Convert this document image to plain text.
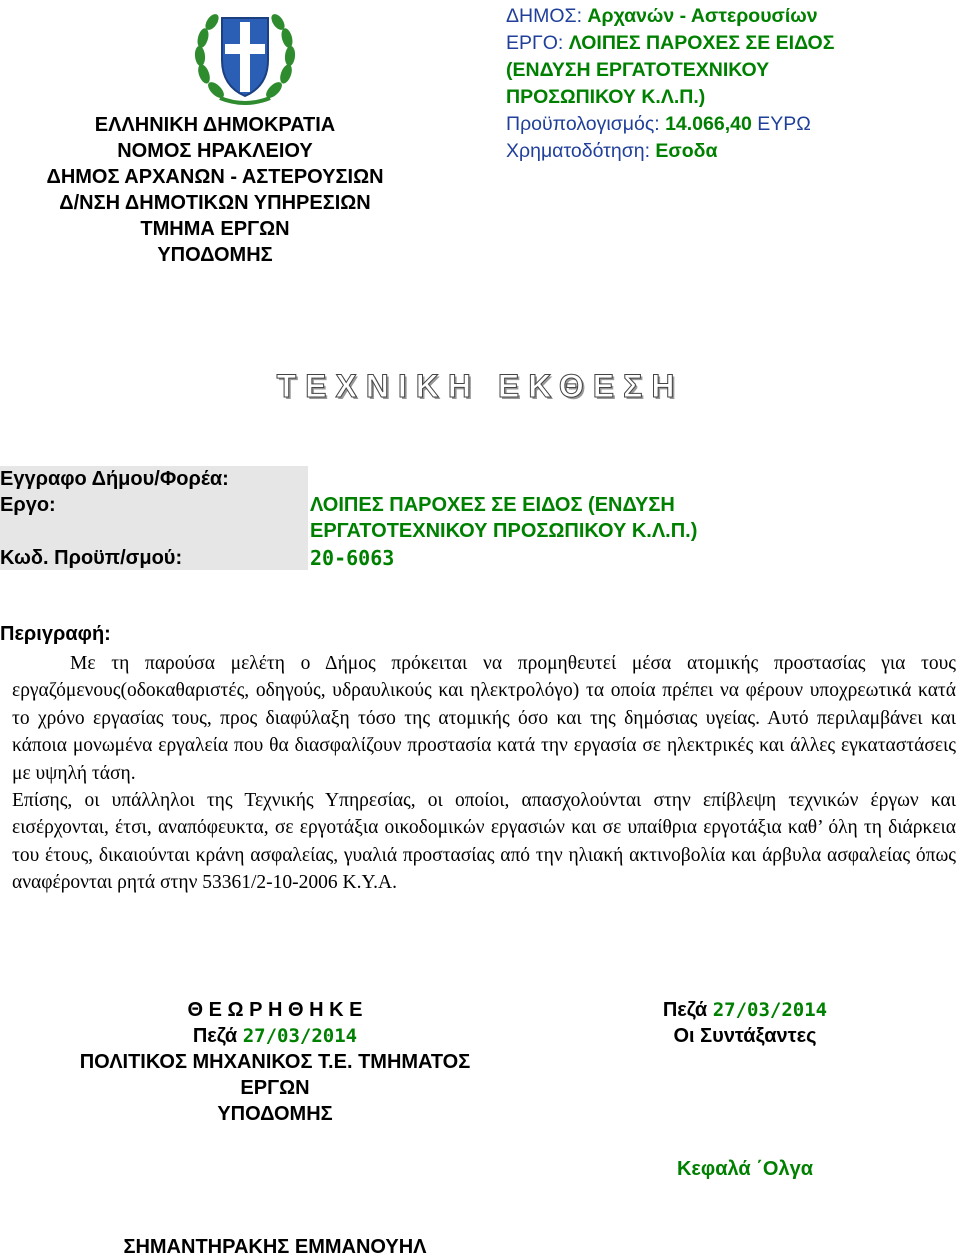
ΕΛΛΗΝΙΚΗ ΔΗΜΟΚΡΑΤΙΑ
ΝΟΜΟΣ ΗΡΑΚΛΕΙΟΥ
ΔΗΜΟΣ ΑΡΧΑΝΩΝ - ΑΣΤΕΡΟΥΣΙΩΝ
Δ/ΝΣΗ ΔΗΜΟΤΙΚΩΝ ΥΠΗΡΕΣΙΩΝ
ΤΜΗΜΑ ΕΡΓΩΝ
ΥΠΟΔΟΜΗΣ
ΔΗΜΟΣ: Αρχανών - Αστερουσίων
ΕΡΓΟ: ΛΟΙΠΕΣ ΠΑΡΟΧΕΣ ΣΕ ΕΙΔΟΣ
(ΕΝΔΥΣΗ ΕΡΓΑΤΟΤΕΧΝΙΚΟΥ
ΠΡΟΣΩΠΙΚΟΥ Κ.Λ.Π.)
Προϋπολογισμός: 14.066,40 ΕΥΡΩ
Χρηματοδότηση: Εσοδα
ΤΕΧΝΙΚΗ ΕΚΘΕΣΗ
Εγγραφο Δήμου/Φορέα:
Εργο:	ΛΟΙΠΕΣ ΠΑΡΟΧΕΣ ΣΕ ΕΙΔΟΣ (ΕΝΔΥΣΗ ΕΡΓΑΤΟΤΕΧΝΙΚΟΥ ΠΡΟΣΩΠΙΚΟΥ Κ.Λ.Π.)
Κωδ. Προϋπ/σμού:	20-6063
Περιγραφή:

Με τη παρούσα μελέτη ο Δήμος πρόκειται να προμηθευτεί μέσα ατομικής προστασίας για τους εργαζόμενους(οδοκαθαριστές, οδηγούς, υδραυλικούς και ηλεκτρολόγο) τα οποία πρέπει να φέρουν υποχρεωτικά κατά το χρόνο εργασίας τους, προς διαφύλαξη τόσο της ατομικής όσο και της δημόσιας υγείας. Αυτό περιλαμβάνει και κάποια μονωμένα εργαλεία που θα διασφαλίζουν προστασία κατά την εργασία σε ηλεκτρικές και άλλες εγκαταστάσεις με υψηλή τάση.

Επίσης, οι υπάλληλοι της Τεχνικής Υπηρεσίας, οι οποίοι, απασχολούνται στην επίβλεψη τεχνικών έργων και εισέρχονται, έτσι, αναπόφευκτα, σε εργοτάξια οικοδομικών εργασιών και σε υπαίθρια εργοτάξια καθ’ όλη τη διάρκεια του έτους, δικαιούνται κράνη ασφαλείας, γυαλιά προστασίας από την ηλιακή ακτινοβολία και άρβυλα ασφαλείας όπως αναφέρονται ρητά στην 53361/2-10-2006 Κ.Υ.Α.

Θ Ε Ω Ρ Η Θ Η Κ Ε
Πεζά 27/03/2014
ΠΟΛΙΤΙΚΟΣ ΜΗΧΑΝΙΚΟΣ Τ.Ε. ΤΜΗΜΑΤΟΣ
ΕΡΓΩΝ
ΥΠΟΔΟΜΗΣ
Πεζά 27/03/2014
Οι Συντάξαντες
Κεφαλά ΄Ολγα
ΣΗΜΑΝΤΗΡΑΚΗΣ ΕΜΜΑΝΟΥΗΛ
